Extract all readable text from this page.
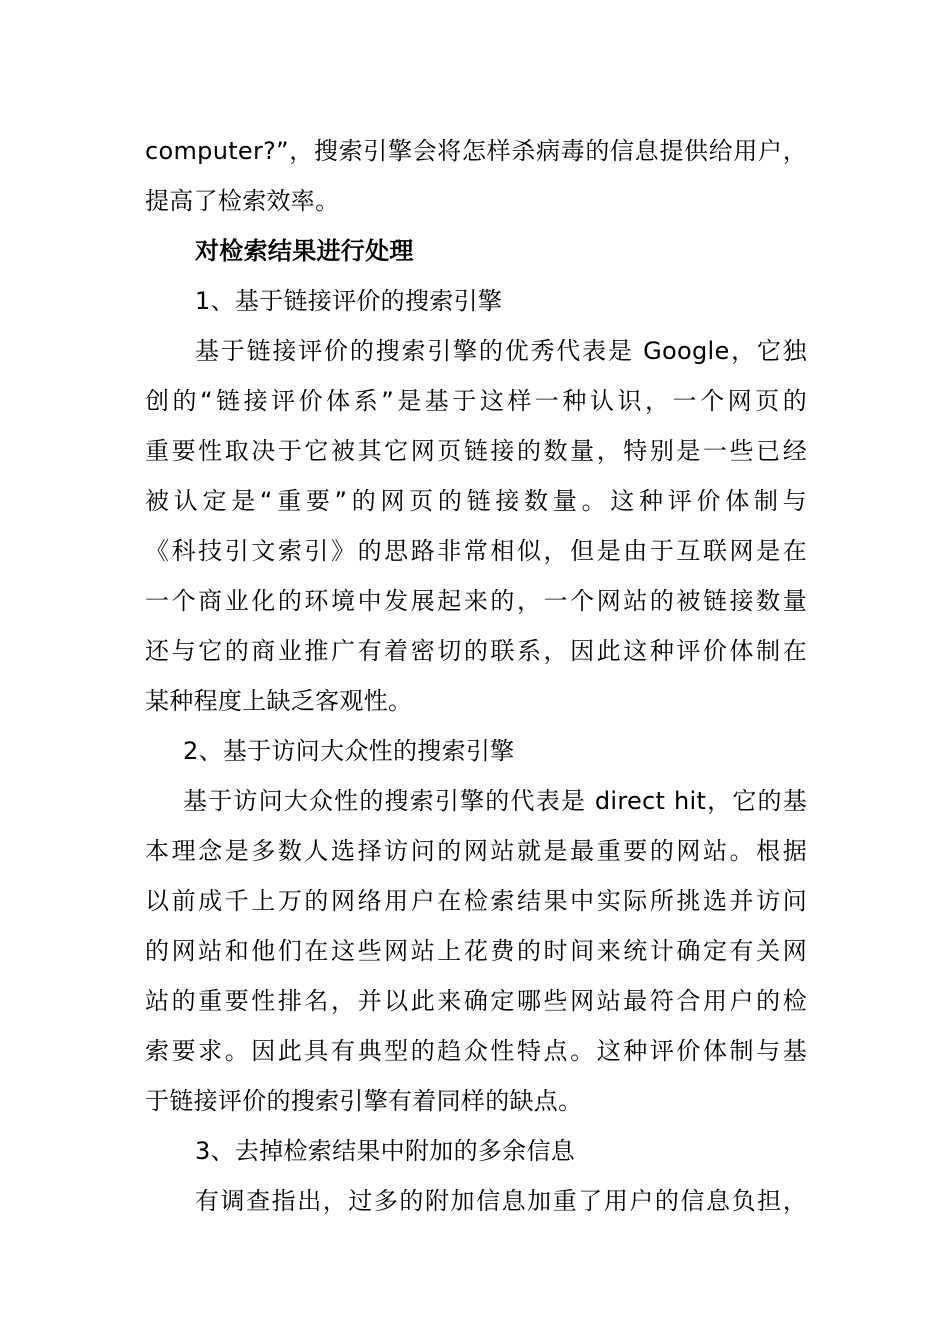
computer?”，搜索引擎会将怎样杀病毒的信息提供给用户，
提高了检索效率。
对检索结果进行处理
1、基于链接评价的搜索引擎
基于链接评价的搜索引擎的优秀代表是 Google，它独
创的“链接评价体系”是基于这样一种认识，一个网页的
重要性取决于它被其它网页链接的数量，特别是一些已经
被认定是“重要”的网页的链接数量。这种评价体制与
《科技引文索引》的思路非常相似，但是由于互联网是在
一个商业化的环境中发展起来的，一个网站的被链接数量
还与它的商业推广有着密切的联系，因此这种评价体制在
某种程度上缺乏客观性。
2、基于访问大众性的搜索引擎
基于访问大众性的搜索引擎的代表是 direct hit，它的基
本理念是多数人选择访问的网站就是最重要的网站。根据
以前成千上万的网络用户在检索结果中实际所挑选并访问
的网站和他们在这些网站上花费的时间来统计确定有关网
站的重要性排名，并以此来确定哪些网站最符合用户的检
索要求。因此具有典型的趋众性特点。这种评价体制与基
于链接评价的搜索引擎有着同样的缺点。
3、去掉检索结果中附加的多余信息
有调查指出，过多的附加信息加重了用户的信息负担，
